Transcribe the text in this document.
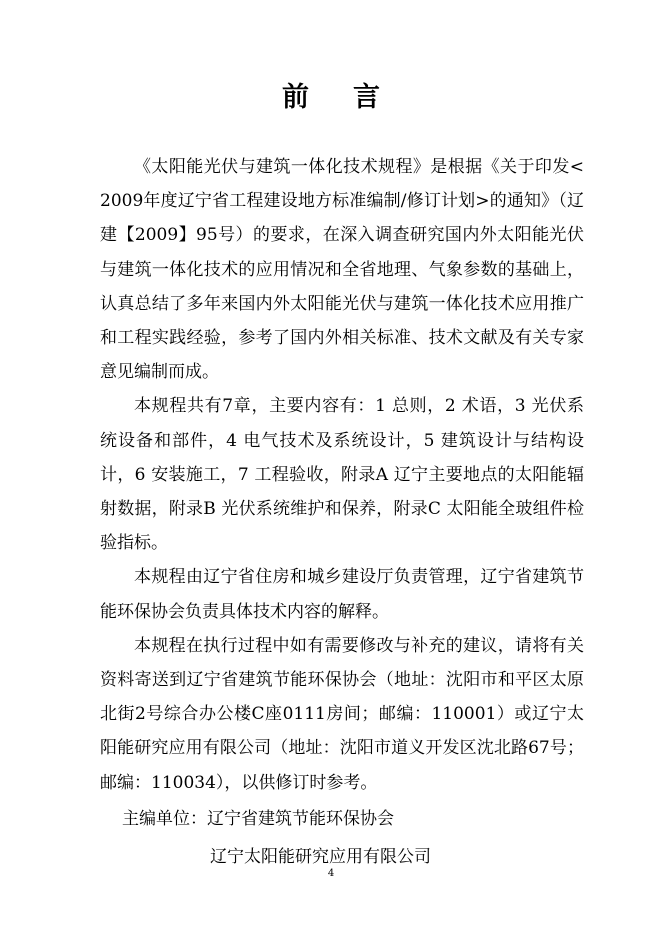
前 言

《太阳能光伏与建筑一体化技术规程》是根据《关于印发<2009年度辽宁省工程建设地方标准编制/修订计划>的通知》（辽建【2009】95号）的要求，在深入调查研究国内外太阳能光伏与建筑一体化技术的应用情况和全省地理、气象参数的基础上，认真总结了多年来国内外太阳能光伏与建筑一体化技术应用推广和工程实践经验，参考了国内外相关标准、技术文献及有关专家意见编制而成。

本规程共有7章，主要内容有：1 总则，2 术语，3 光伏系统设备和部件，4 电气技术及系统设计，5 建筑设计与结构设计，6 安装施工，7 工程验收，附录A 辽宁主要地点的太阳能辐射数据，附录B 光伏系统维护和保养，附录C 太阳能全玻组件检验指标。

本规程由辽宁省住房和城乡建设厅负责管理，辽宁省建筑节能环保协会负责具体技术内容的解释。

本规程在执行过程中如有需要修改与补充的建议，请将有关资料寄送到辽宁省建筑节能环保协会（地址：沈阳市和平区太原北街2号综合办公楼C座0111房间；邮编：110001）或辽宁太阳能研究应用有限公司（地址：沈阳市道义开发区沈北路67号；邮编：110034），以供修订时参考。

主编单位：辽宁省建筑节能环保协会

辽宁太阳能研究应用有限公司

4
